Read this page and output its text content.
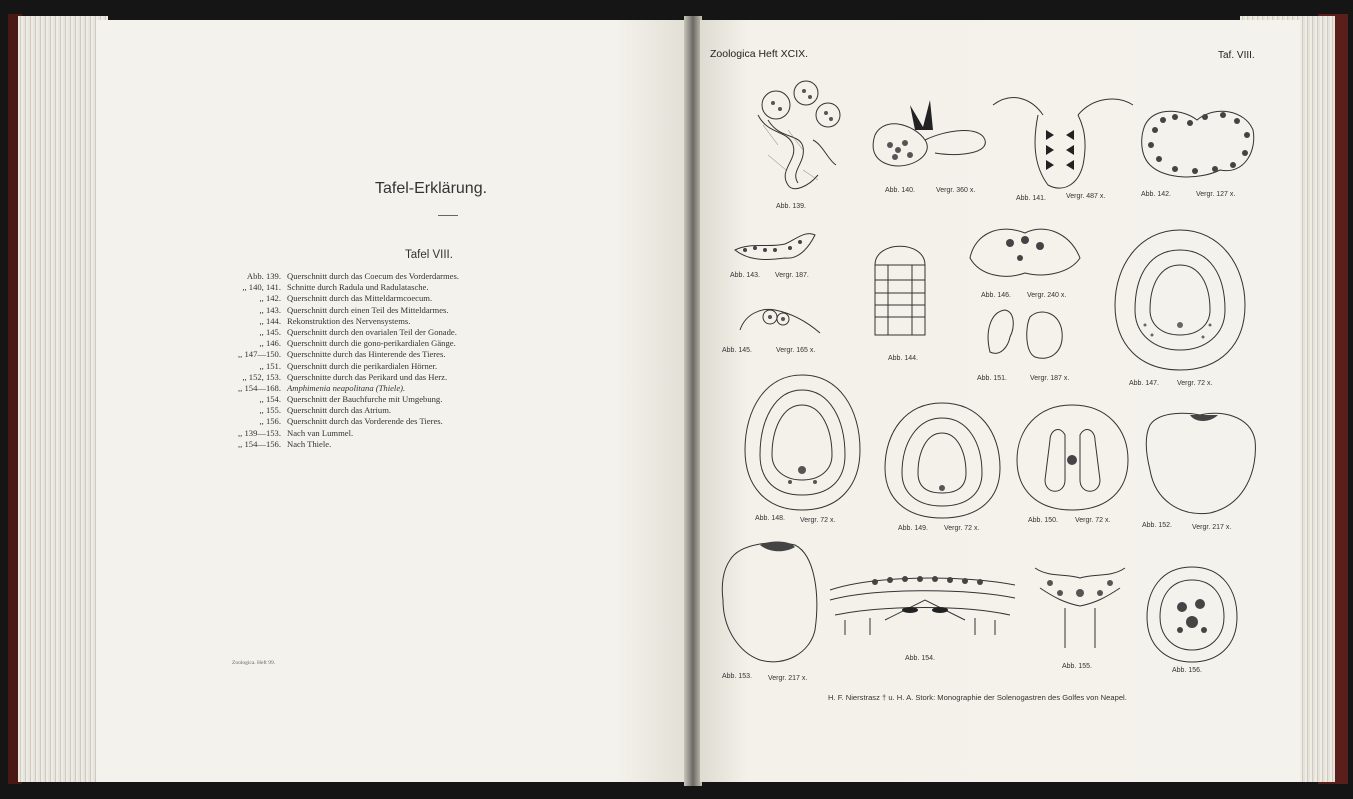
Tafel-Erklärung.
Tafel VIII.
Abb. 139. Querschnitt durch das Coecum des Vorderdarmes.
,, 140, 141. Schnitte durch Radula und Radulatasche.
,, 142. Querschnitt durch das Mitteldarmcoecum.
,, 143. Querschnitt durch einen Teil des Mitteldarmes.
,, 144. Rekonstruktion des Nervensystems.
,, 145. Querschnitt durch den ovarialen Teil der Gonade.
,, 146. Querschnitt durch die gono-perikardialen Gänge.
,, 147—150. Querschnitte durch das Hinterende des Tieres.
,, 151. Querschnitt durch die perikardialen Hörner.
,, 152, 153. Querschnitte durch das Perikard und das Herz.
,, 154—168. Amphimenia neapolitana (Thiele).
,, 154. Querschnitt der Bauchfurche mit Umgebung.
,, 155. Querschnitt durch das Atrium.
,, 156. Querschnitt durch das Vorderende des Tieres.
,, 139—153. Nach van Lummel.
,, 154—156. Nach Thiele.
Zoologica. Heft 99.
Zoologica Heft XCIX.	Taf. VIII.
Abb. 139.
Abb. 140.	Vergr. 360 x.
Abb. 141.	Vergr. 487 x.	Abb. 142.	Vergr. 127 x.
Abb. 143. Vergr. 187.
Abb. 145.	Vergr. 165 x.
Abb. 144.
Abb. 146. Vergr. 240 x.
Abb. 151.	Vergr. 187 x.
Abb. 147.	Vergr. 72 x.
Abb. 148. Vergr. 72 x.
Abb. 149. Vergr. 72 x.
Abb. 150. Vergr. 72 x.
Abb. 152.	Vergr. 217 x.
Abb. 153. Vergr. 217 x.
Abb. 154.
Abb. 155.
Abb. 156.
H. F. Nierstrasz † u. H. A. Stork: Monographie der Solenogastren des Golfes von Neapel.
